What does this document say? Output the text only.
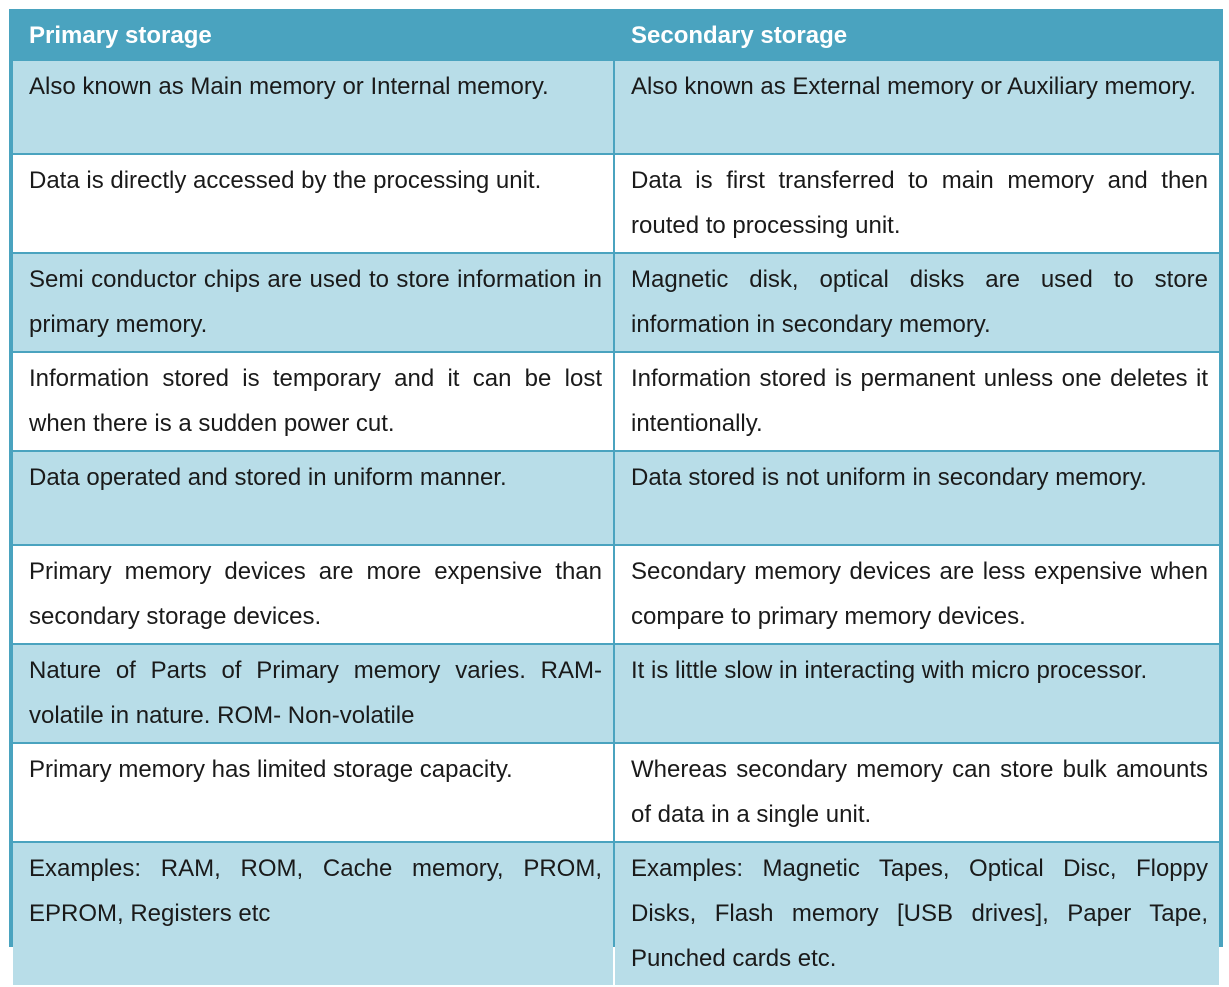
Primary storage	Secondary storage
Also known as Main memory or Internal memory.	Also known as External memory or Auxiliary memory.
Data is directly accessed by the processing unit.	Data is first transferred to main memory and then routed to processing unit.
Semi conductor chips are used to store information in primary memory.	Magnetic disk, optical disks are used to store information in secondary memory.
Information stored is temporary and it can be lost when there is a sudden power cut.	Information stored is permanent unless one deletes it intentionally.
Data operated and stored in uniform manner.	Data stored is not uniform in secondary memory.
Primary memory devices are more expensive than secondary storage devices.	Secondary memory devices are less expensive when compare to primary memory devices.
Nature of Parts of Primary memory varies. RAM- volatile in nature. ROM- Non-volatile	It is little slow in interacting with micro processor.
Primary memory has limited storage capacity.	Whereas secondary memory can store bulk amounts of data in a single unit.
Examples: RAM, ROM, Cache memory, PROM, EPROM, Registers etc	Examples: Magnetic Tapes, Optical Disc, Floppy Disks, Flash memory [USB drives], Paper Tape, Punched cards etc.
